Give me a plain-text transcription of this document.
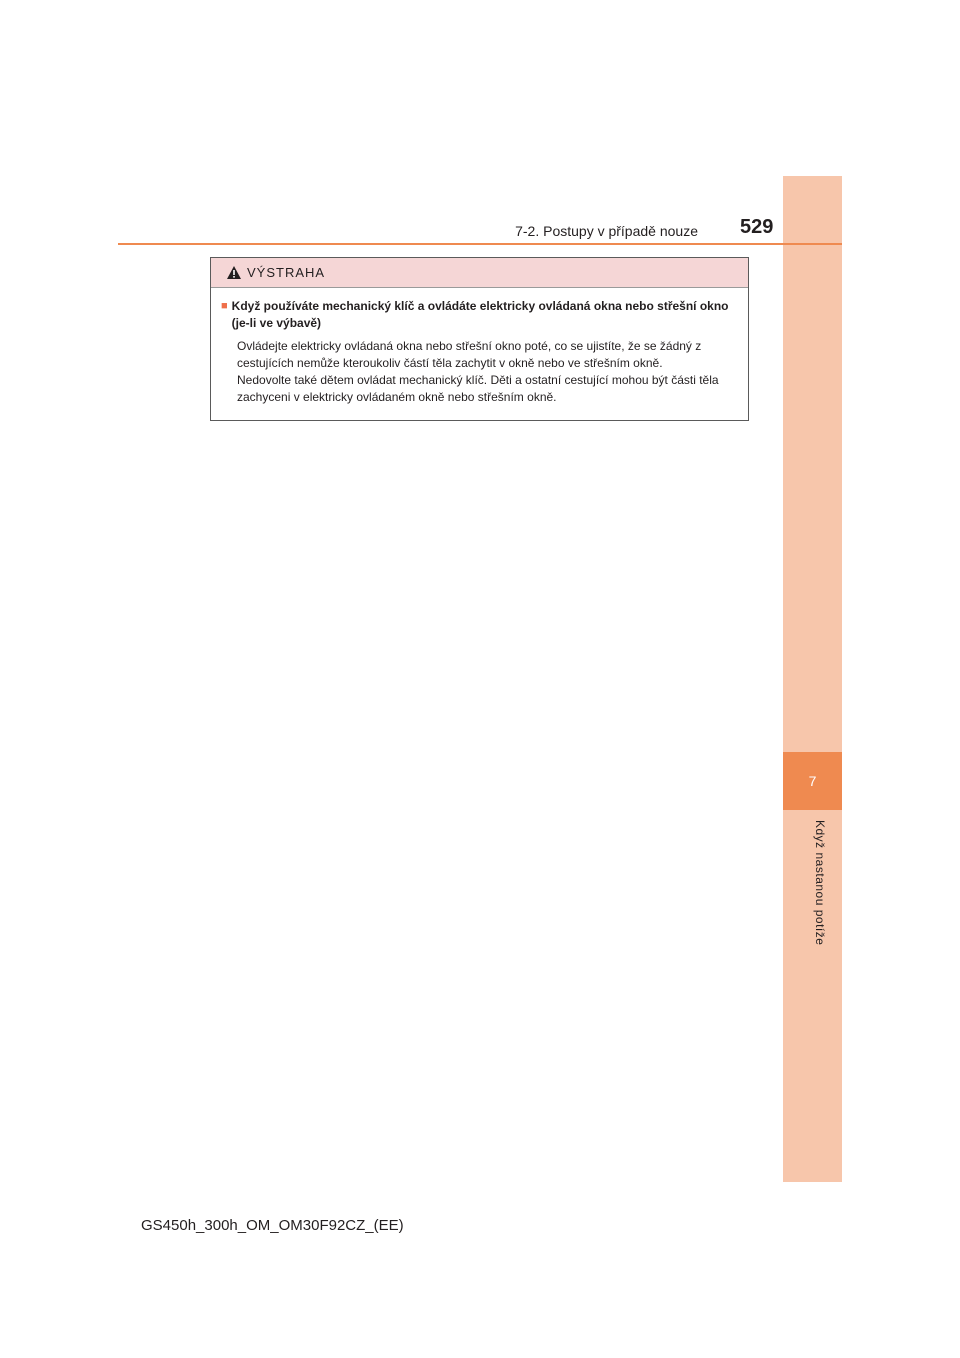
7
Když nastanou potíže
7-2. Postupy v případě nouze 529
VÝSTRAHA
■ Když používáte mechanický klíč a ovládáte elektricky ovládaná okna nebo střešní okno (je-li ve výbavě)

Ovládejte elektricky ovládaná okna nebo střešní okno poté, co se ujistíte, že se žádný z cestujících nemůže kteroukoliv částí těla zachytit v okně nebo ve střešním okně.

Nedovolte také dětem ovládat mechanický klíč. Děti a ostatní cestující mohou být části těla zachyceni v elektricky ovládaném okně nebo střešním okně.

GS450h_300h_OM_OM30F92CZ_(EE)
